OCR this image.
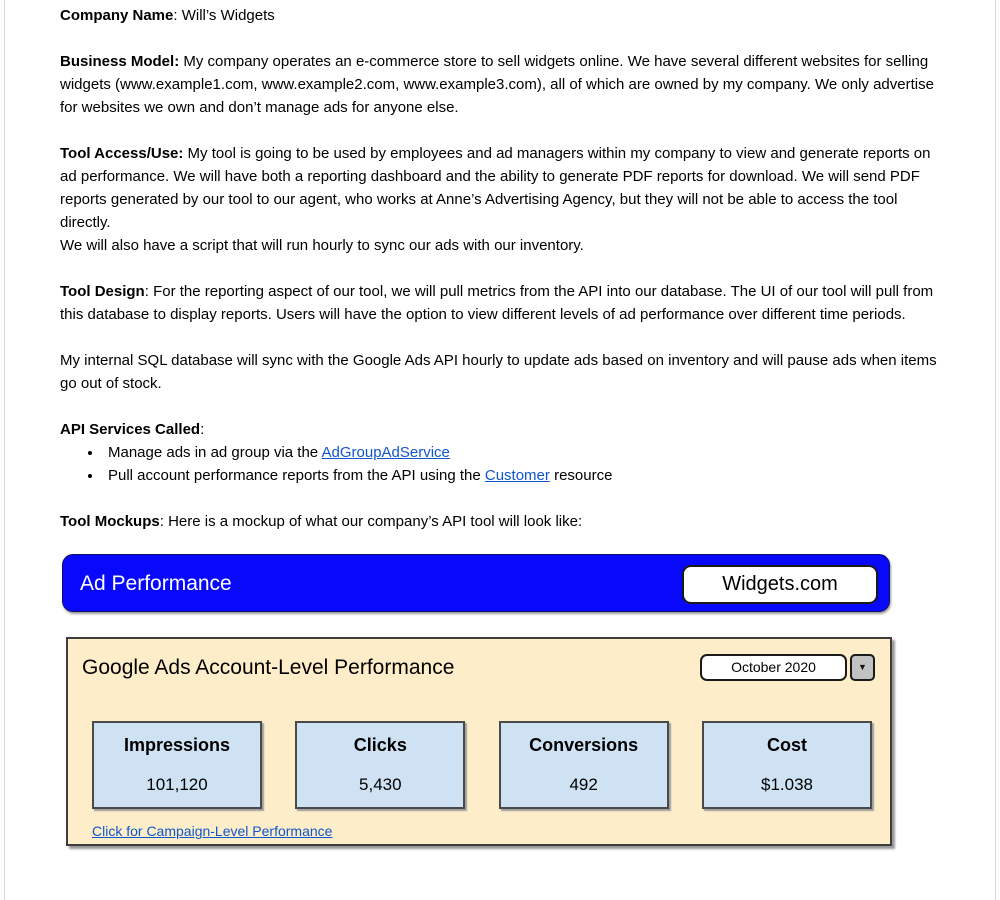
Company Name: Will’s Widgets

Business Model: My company operates an e-commerce store to sell widgets online. We have several different websites for selling widgets (www.example1.com, www.example2.com, www.example3.com), all of which are owned by my company. We only advertise for websites we own and don’t manage ads for anyone else.

Tool Access/Use: My tool is going to be used by employees and ad managers within my company to view and generate reports on ad performance. We will have both a reporting dashboard and the ability to generate PDF reports for download. We will send PDF reports generated by our tool to our agent, who works at Anne’s Advertising Agency, but they will not be able to access the tool directly.
We will also have a script that will run hourly to sync our ads with our inventory.

Tool Design: For the reporting aspect of our tool, we will pull metrics from the API into our database. The UI of our tool will pull from this database to display reports. Users will have the option to view different levels of ad performance over different time periods.

My internal SQL database will sync with the Google Ads API hourly to update ads based on inventory and will pause ads when items go out of stock.

API Services Called:
• Manage ads in ad group via the AdGroupAdService
• Pull account performance reports from the API using the Customer resource

Tool Mockups: Here is a mockup of what our company’s API tool will look like:

Ad Performance	Widgets.com
Google Ads Account-Level Performance	October 2020	▼
Impressions
101,120
Clicks
5,430
Conversions
492
Cost
$1.038
Click for Campaign-Level Performance
